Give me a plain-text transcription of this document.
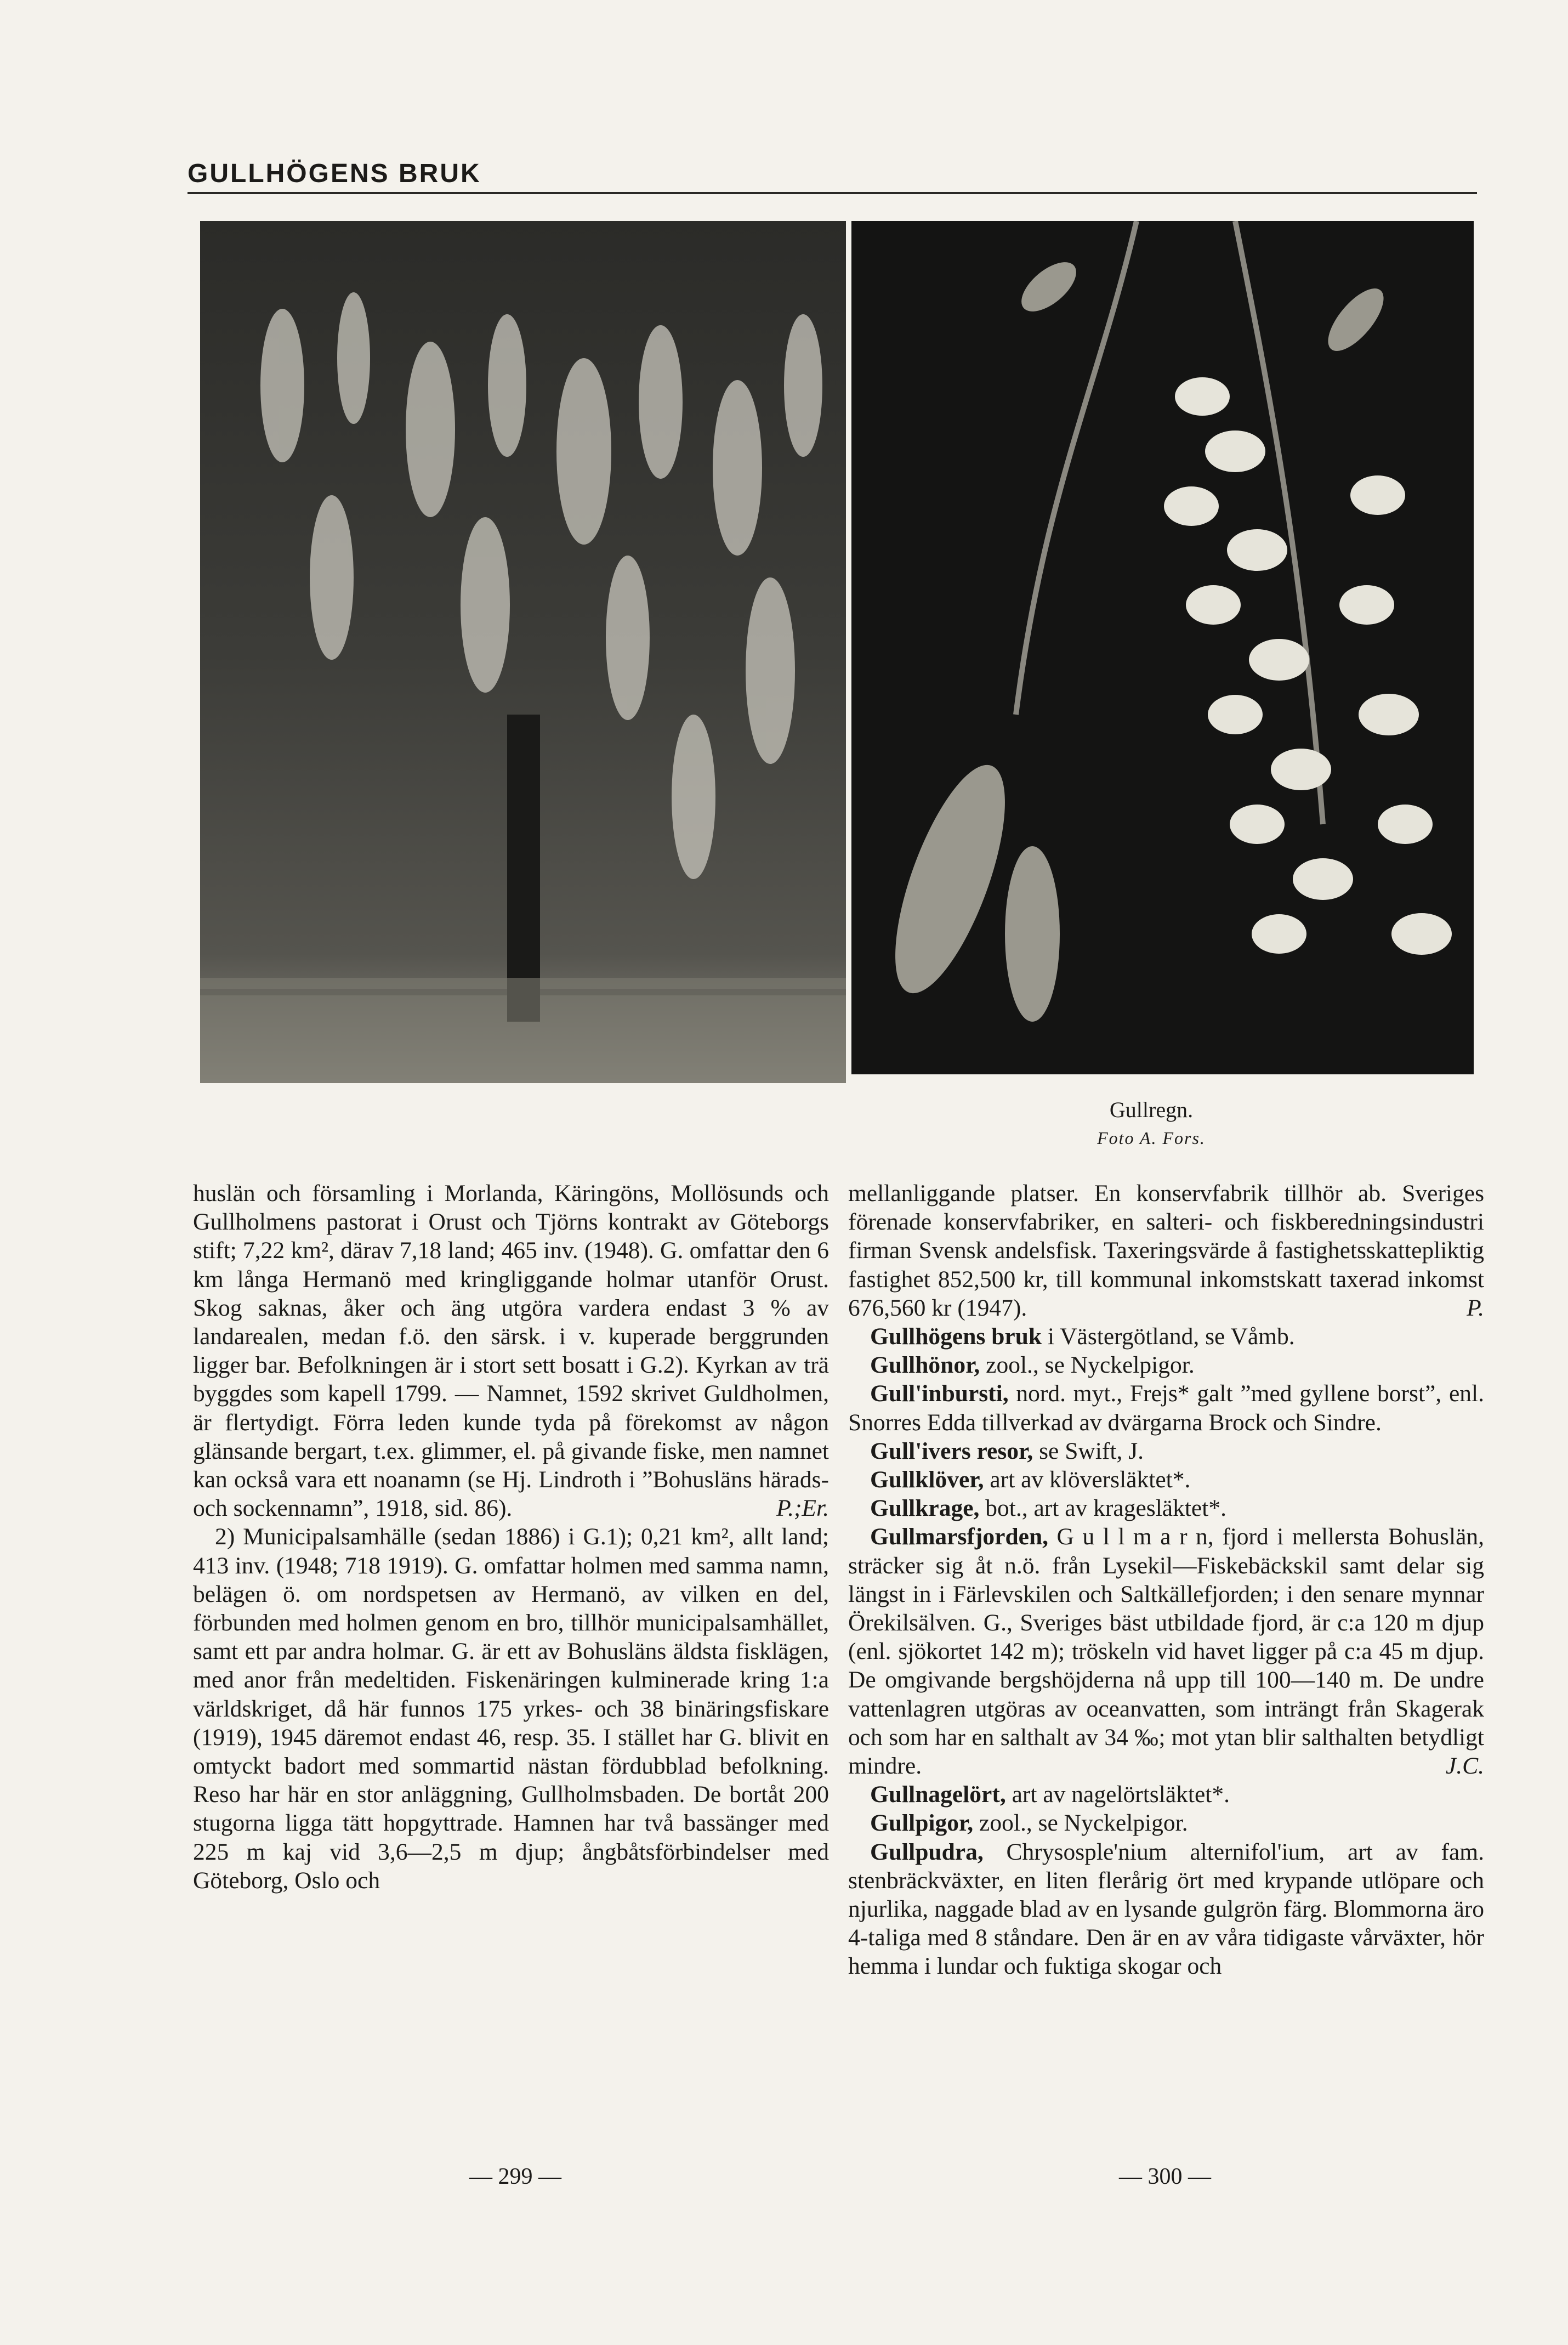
GULLHÖGENS BRUK
Gullregn.
Foto A. Fors.

huslän och församling i Morlanda, Käringöns, Mollösunds och Gullholmens pastorat i Orust och Tjörns kontrakt av Göteborgs stift; 7,22 km², därav 7,18 land; 465 inv. (1948). G. omfattar den 6 km långa Hermanö med kringliggande holmar utanför Orust. Skog saknas, åker och äng utgöra vardera endast 3 % av landarealen, medan f.ö. den särsk. i v. kuperade berggrunden ligger bar. Befolkningen är i stort sett bosatt i G.2). Kyrkan av trä byggdes som kapell 1799. — Namnet, 1592 skrivet Guldholmen, är flertydigt. Förra leden kunde tyda på förekomst av någon glänsande bergart, t.ex. glimmer, el. på givande fiske, men namnet kan också vara ett noanamn (se Hj. Lindroth i ”Bohusläns härads- och sockennamn”, 1918, sid. 86).	P.;Er.

2) Municipalsamhälle (sedan 1886) i G.1); 0,21 km², allt land; 413 inv. (1948; 718 1919). G. omfattar holmen med samma namn, belägen ö. om nordspetsen av Hermanö, av vilken en del, förbunden med holmen genom en bro, tillhör municipalsamhället, samt ett par andra holmar. G. är ett av Bohusläns äldsta fisklägen, med anor från medeltiden. Fiskenäringen kulminerade kring 1:a världskriget, då här funnos 175 yrkes- och 38 binäringsfiskare (1919), 1945 däremot endast 46, resp. 35. I stället har G. blivit en omtyckt badort med sommartid nästan fördubblad befolkning. Reso har här en stor anläggning, Gullholmsbaden. De bortåt 200 stugorna ligga tätt hopgyttrade. Hamnen har två bassänger med 225 m kaj vid 3,6—2,5 m djup; ångbåtsförbindelser med Göteborg, Oslo och

mellanliggande platser. En konservfabrik tillhör ab. Sveriges förenade konservfabriker, en salteri- och fiskberedningsindustri firman Svensk andelsfisk. Taxeringsvärde å fastighetsskattepliktig fastighet 852,500 kr, till kommunal inkomstskatt taxerad inkomst 676,560 kr (1947).	P.

Gullhögens bruk i Västergötland, se Våmb.

Gullhönor, zool., se Nyckelpigor.

Gull'inbursti, nord. myt., Frejs* galt ”med gyllene borst”, enl. Snorres Edda tillverkad av dvärgarna Brock och Sindre.

Gull'ivers resor, se Swift, J.

Gullklöver, art av klöversläktet*.

Gullkrage, bot., art av kragesläktet*.

Gullmarsfjorden, G u l l m a r n, fjord i mellersta Bohuslän, sträcker sig åt n.ö. från Lysekil—Fiskebäckskil samt delar sig längst in i Färlevskilen och Saltkällefjorden; i den senare mynnar Örekilsälven. G., Sveriges bäst utbildade fjord, är c:a 120 m djup (enl. sjökortet 142 m); tröskeln vid havet ligger på c:a 45 m djup. De omgivande bergshöjderna nå upp till 100—140 m. De undre vattenlagren utgöras av oceanvatten, som inträngt från Skagerak och som har en salthalt av 34 ‰; mot ytan blir salthalten betydligt mindre.	J.C.

Gullnagelört, art av nagelörtsläktet*.

Gullpigor, zool., se Nyckelpigor.

Gullpudra, Chrysosple'nium alternifol'ium, art av fam. stenbräckväxter, en liten flerårig ört med krypande utlöpare och njurlika, naggade blad av en lysande gulgrön färg. Blommorna äro 4-taliga med 8 ståndare. Den är en av våra tidigaste vårväxter, hör hemma i lundar och fuktiga skogar och

— 299 —	— 300 —
